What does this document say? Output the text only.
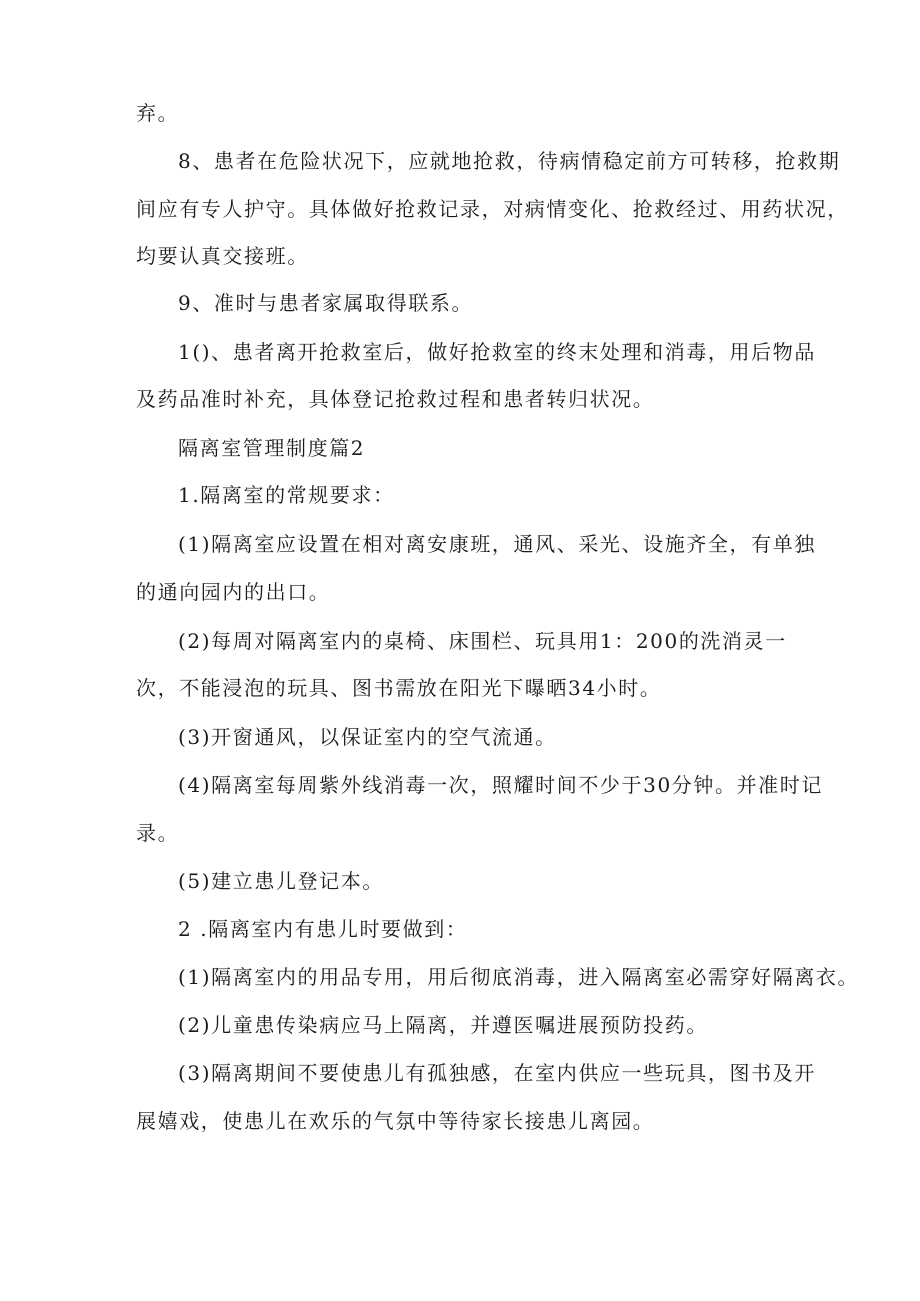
弃。
8、患者在危险状况下，应就地抢救，待病情稳定前方可转移，抢救期
间应有专人护守。具体做好抢救记录，对病情变化、抢救经过、用药状况，
均要认真交接班。
9、准时与患者家属取得联系。
1()、患者离开抢救室后，做好抢救室的终末处理和消毒，用后物品
及药品准时补充，具体登记抢救过程和患者转归状况。
隔离室管理制度篇2
1.隔离室的常规要求：
(1)隔离室应设置在相对离安康班，通风、采光、设施齐全，有单独
的通向园内的出口。
(2)每周对隔离室内的桌椅、床围栏、玩具用1：200的洗消灵一
次，不能浸泡的玩具、图书需放在阳光下曝晒34小时。
(3)开窗通风，以保证室内的空气流通。
(4)隔离室每周紫外线消毒一次，照耀时间不少于30分钟。并准时记
录。
(5)建立患儿登记本。
2 .隔离室内有患儿时要做到：
(1)隔离室内的用品专用，用后彻底消毒，进入隔离室必需穿好隔离衣。
(2)儿童患传染病应马上隔离，并遵医嘱进展预防投药。
(3)隔离期间不要使患儿有孤独感，在室内供应一些玩具，图书及开
展嬉戏，使患儿在欢乐的气氛中等待家长接患儿离园。
